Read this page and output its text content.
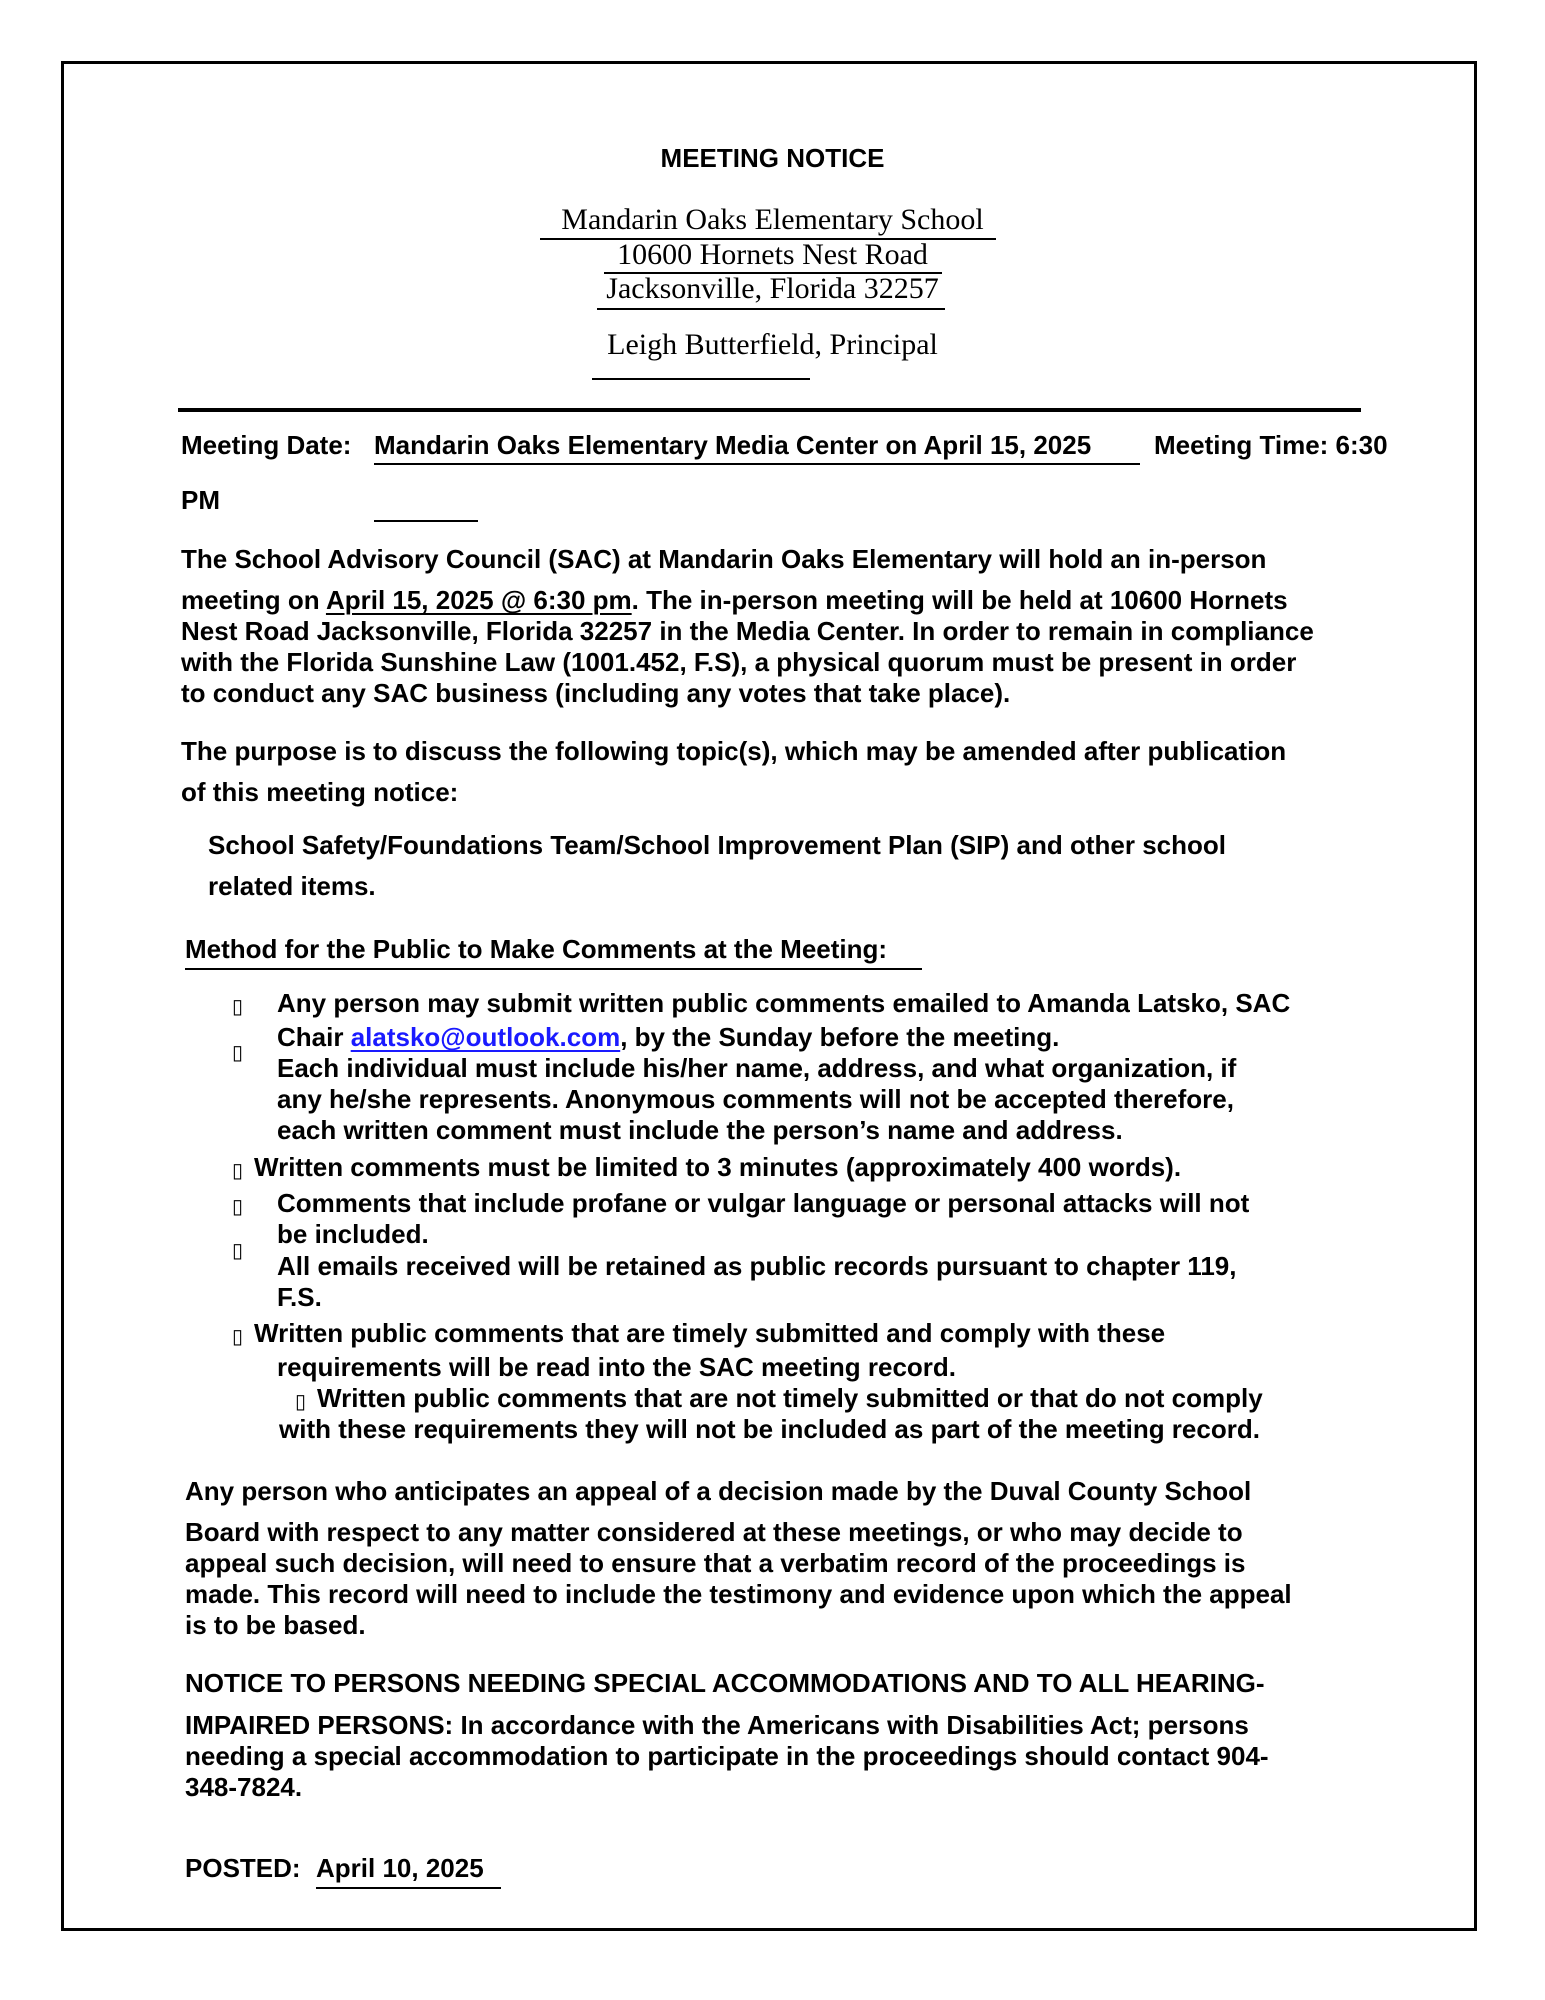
MEETING NOTICE
Mandarin Oaks Elementary School
10600 Hornets Nest Road
Jacksonville, Florida 32257
Leigh Butterfield, Principal
Meeting Date: Mandarin Oaks Elementary Media Center on April 15, 2025 Meeting Time: 6:30
PM
The School Advisory Council (SAC) at Mandarin Oaks Elementary will hold an in-person
meeting on April 15, 2025 @ 6:30 pm. The in-person meeting will be held at 10600 Hornets
Nest Road Jacksonville, Florida 32257 in the Media Center. In order to remain in compliance
with the Florida Sunshine Law (1001.452, F.S), a physical quorum must be present in order
to conduct any SAC business (including any votes that take place).
The purpose is to discuss the following topic(s), which may be amended after publication
of this meeting notice:
School Safety/Foundations Team/School Improvement Plan (SIP) and other school
related items.
Method for the Public to Make Comments at the Meeting:
▯ Any person may submit written public comments emailed to Amanda Latsko, SAC
▯
Chair alatsko@outlook.com, by the Sunday before the meeting.
Each individual must include his/her name, address, and what organization, if
any he/she represents. Anonymous comments will not be accepted therefore,
each written comment must include the person’s name and address.
▯ Written comments must be limited to 3 minutes (approximately 400 words).
▯ Comments that include profane or vulgar language or personal attacks will not
▯
be included.
All emails received will be retained as public records pursuant to chapter 119,
F.S.
▯ Written public comments that are timely submitted and comply with these
requirements will be read into the SAC meeting record.
▯ Written public comments that are not timely submitted or that do not comply
with these requirements they will not be included as part of the meeting record.
Any person who anticipates an appeal of a decision made by the Duval County School
Board with respect to any matter considered at these meetings, or who may decide to
appeal such decision, will need to ensure that a verbatim record of the proceedings is
made. This record will need to include the testimony and evidence upon which the appeal
is to be based.
NOTICE TO PERSONS NEEDING SPECIAL ACCOMMODATIONS AND TO ALL HEARING-
IMPAIRED PERSONS: In accordance with the Americans with Disabilities Act; persons
needing a special accommodation to participate in the proceedings should contact 904-
348-7824.
POSTED: April 10, 2025
